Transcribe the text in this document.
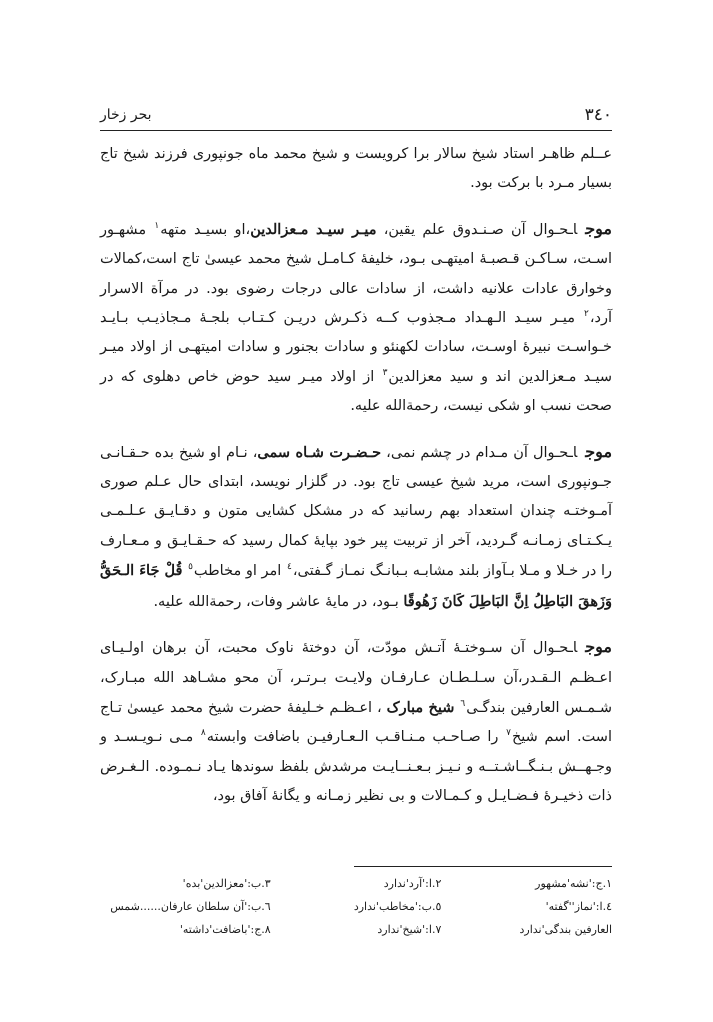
٣٤٠
بحر زخار

عــلم ظاهـر استاد شیخ سالار برا کرویست و شیخ محمد ماه جونپوری فرزند شیخ تاج بسیار مـرد با برکت بود.

موجاـحـوال آن صـنـدوق علم یقین، میـر سیـد مـعزالدین،او بسیـد متهه$^١$ مشهـور اسـت، سـاکـن قـصبـهٔ امیتهـی بـود، خلیفهٔ کـامـل شیخ محمد عیسیٰ تاج است،کمالات وخوارق عادات علانیه داشت، از سادات عالی درجات رضوی بود. در مرآة الاسرار آرد،$^٢$ میـر سیـد الـهـداد مـجذوب کــه ذکـرش دریـن کـتـاب بلجـهٔ مـجاذیـب بـایـد خـواسـت نبیرهٔ اوسـت، سادات لکهنئو و سادات بجنور و سادات امیتهـی از اولاد میـر سیـد مـعزالدین اند و سید معزالدین$^٣$ از اولاد میـر سید حوض خاص دهلوی که در صحت نسب او شکی نیست، رحمةالله علیه.

موجاـحـوال آن مـدام در چشم نمی، حـضـرت شـاه سمی، نـام او شیخ بده حـقـانـی جـونپوری است، مرید شیخ عیسی تاج بود. در گلزار نویسد، ابتدای حال عـلم صوری آمـوختـه چندان استعداد بهم رسانید که در مشکل کشایی متون و دقـایـق عـلـمـی یـکـتـای زمـانـه گـردید، آخر از تربیت پیر خود بپایهٔ کمال رسید که حـقـایـق و مـعـارف را در خـلا و مـلا بـآواز بلند مشابـه بـبانـگ نمـاز گـفتی،$^٤$ امر او مخاطب$^٥$ قُلْ جَاءَ الـحَقُّ وَزَهقَ البَاطِلُ اِنَّ البَاطِلَ کَانَ زَهُوقًا بـود، در مایهٔ عاشر وفات، رحمةالله علیه.

موجاـحـوال آن سـوختـهٔ آتـش مودّت، آن دوختهٔ ناوک محبت، آن برهان اولـیـای اعـظـم الـقـدر،آن سـلـطـان عـارفـان ولایـت بـرتـر، آن محو مشـاهد الله مبـارک، شـمـس العارفین بندگـی$^٦$ شیخ مبارک ، اعـظـم خـلیفهٔ حضرت شیخ محمد عیسیٰ تـاج است. اسم شیخ$^٧$ را صـاحـب مـنـاقـب الـعـارفیـن باضافت وابسته$^٨$ مـی نـویـسـد و وجـهــش بـنـگــاشـتــه و نـیـز بـعـنــایـت مرشدش بلفظ سوندها یـاد نـمـوده. الـغـرض ذات ذخیـرهٔ فـضـایـل و کـمـالات و بی نظیر زمـانه و یگانهٔ آفاق بود،

١.ج:'نشه'مشهور
٢.ا:'آرد'ندارد
٣.ب:'معزالدین'بده'
٤.ا:'نماز''گفته'
٥.ب:'مخاطب'ندارد
٦.ب:'آن سلطان عارفان......شمس
العارفین بندگی'ندارد
٧.ا:'شیخ'ندارد
٨.ج:'باضافت'داشته'
